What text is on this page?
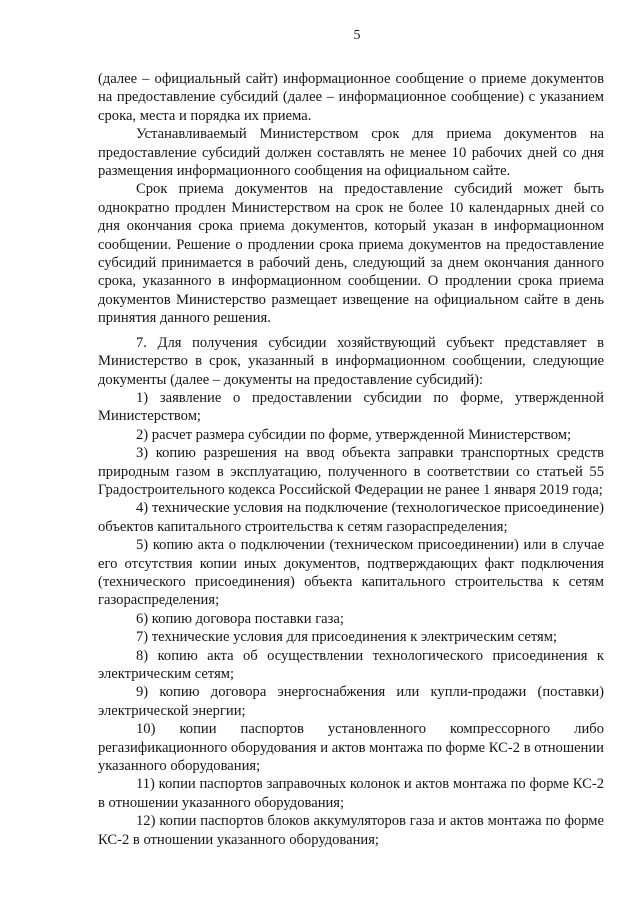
5

(далее – официальный сайт) информационное сообщение о приеме документов на предоставление субсидий (далее – информационное сообщение) с указанием срока, места и порядка их приема.

Устанавливаемый Министерством срок для приема документов на предоставление субсидий должен составлять не менее 10 рабочих дней со дня размещения информационного сообщения на официальном сайте.

Срок приема документов на предоставление субсидий может быть однократно продлен Министерством на срок не более 10 календарных дней со дня окончания срока приема документов, который указан в информационном сообщении. Решение о продлении срока приема документов на предоставление субсидий принимается в рабочий день, следующий за днем окончания данного срока, указанного в информационном сообщении. О продлении срока приема документов Министерство размещает извещение на официальном сайте в день принятия данного решения.

7. Для получения субсидии хозяйствующий субъект представляет в Министерство в срок, указанный в информационном сообщении, следующие документы (далее – документы на предоставление субсидий):

1) заявление о предоставлении субсидии по форме, утвержденной Министерством;

2) расчет размера субсидии по форме, утвержденной Министерством;

3) копию разрешения на ввод объекта заправки транспортных средств природным газом в эксплуатацию, полученного в соответствии со статьей 55 Градостроительного кодекса Российской Федерации не ранее 1 января 2019 года;

4) технические условия на подключение (технологическое присоединение) объектов капитального строительства к сетям газораспределения;

5) копию акта о подключении (техническом присоединении) или в случае его отсутствия копии иных документов, подтверждающих факт подключения (технического присоединения) объекта капитального строительства к сетям газораспределения;

6) копию договора поставки газа;

7) технические условия для присоединения к электрическим сетям;

8) копию акта об осуществлении технологического присоединения к электрическим сетям;

9) копию договора энергоснабжения или купли-продажи (поставки) электрической энергии;

10) копии паспортов установленного компрессорного либо регазификационного оборудования и актов монтажа по форме КС-2 в отношении указанного оборудования;

11) копии паспортов заправочных колонок и актов монтажа по форме КС-2 в отношении указанного оборудования;

12) копии паспортов блоков аккумуляторов газа и актов монтажа по форме КС-2 в отношении указанного оборудования;
